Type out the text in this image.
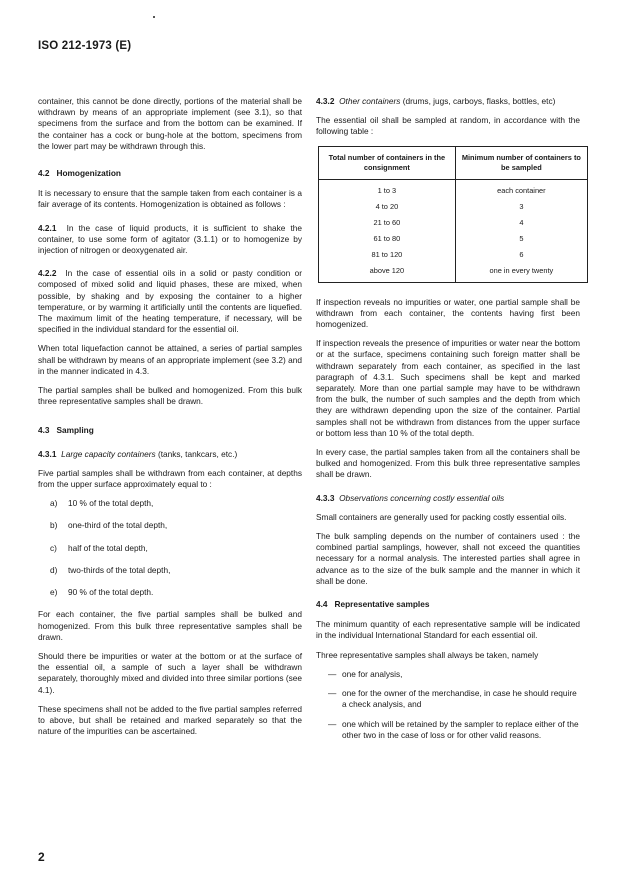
ISO 212-1973 (E)

container, this cannot be done directly, portions of the material shall be withdrawn by means of an appropriate implement (see 3.1), so that specimens from the surface and from the bottom can be examined. If the container has a cock or bung-hole at the bottom, specimens from the lower part may be withdrawn through this.

4.2 Homogenization

It is necessary to ensure that the sample taken from each container is a fair average of its contents. Homogenization is obtained as follows :

4.2.1 In the case of liquid products, it is sufficient to shake the container, to use some form of agitator (3.1.1) or to homogenize by injection of nitrogen or deoxygenated air.

4.2.2 In the case of essential oils in a solid or pasty condition or composed of mixed solid and liquid phases, these are mixed, when possible, by shaking and by exposing the container to a higher temperature, or by warming it artificially until the contents are liquefied. The maximum limit of the heating temperature, if necessary, will be specified in the individual standard for the essential oil.

When total liquefaction cannot be attained, a series of partial samples shall be withdrawn by means of an appropriate implement (see 3.2) and in the manner indicated in 4.3.

The partial samples shall be bulked and homogenized. From this bulk three representative samples shall be drawn.

4.3 Sampling

4.3.1 Large capacity containers (tanks, tankcars, etc.)

Five partial samples shall be withdrawn from each container, at depths from the upper surface approximately equal to :

a)	10 % of the total depth,
b)	one-third of the total depth,
c)	half of the total depth,
d)	two-thirds of the total depth,
e)	90 % of the total depth.

For each container, the five partial samples shall be bulked and homogenized. From this bulk three representative samples shall be drawn.

Should there be impurities or water at the bottom or at the surface of the essential oil, a sample of such a layer shall be withdrawn separately, thoroughly mixed and divided into three similar portions (see 4.1).

These specimens shall not be added to the five partial samples referred to above, but shall be retained and marked separately so that the nature of the impurities can be ascertained.

4.3.2 Other containers (drums, jugs, carboys, flasks, bottles, etc)

The essential oil shall be sampled at random, in accordance with the following table :

Total number of containers in the consignment	Minimum number of containers to be sampled
1 to 3	each container
4 to 20	3
21 to 60	4
61 to 80	5
81 to 120	6
above 120	one in every twenty

If inspection reveals no impurities or water, one partial sample shall be withdrawn from each container, the contents having first been homogenized.

If inspection reveals the presence of impurities or water near the bottom or at the surface, specimens containing such foreign matter shall be withdrawn separately from each container, as specified in the last paragraph of 4.3.1. Such specimens shall be kept and marked separately. More than one partial sample may have to be withdrawn from the bulk, the number of such samples and the depth from which they are withdrawn depending upon the size of the container. Partial samples shall not be withdrawn from distances from the upper surface or bottom less than 10 % of the total depth.

In every case, the partial samples taken from all the containers shall be bulked and homogenized. From this bulk three representative samples shall be drawn.

4.3.3 Observations concerning costly essential oils

Small containers are generally used for packing costly essential oils.

The bulk sampling depends on the number of containers used : the combined partial samplings, however, shall not exceed the quantities necessary for a normal analysis. The interested parties shall agree in advance as to the size of the bulk sample and the manner in which it shall be done.

4.4 Representative samples

The minimum quantity of each representative sample will be indicated in the individual International Standard for each essential oil.

Three representative samples shall always be taken, namely

— one for analysis,
— one for the owner of the merchandise, in case he should require a check analysis, and
— one which will be retained by the sampler to replace either of the other two in the case of loss or for other valid reasons.
2
